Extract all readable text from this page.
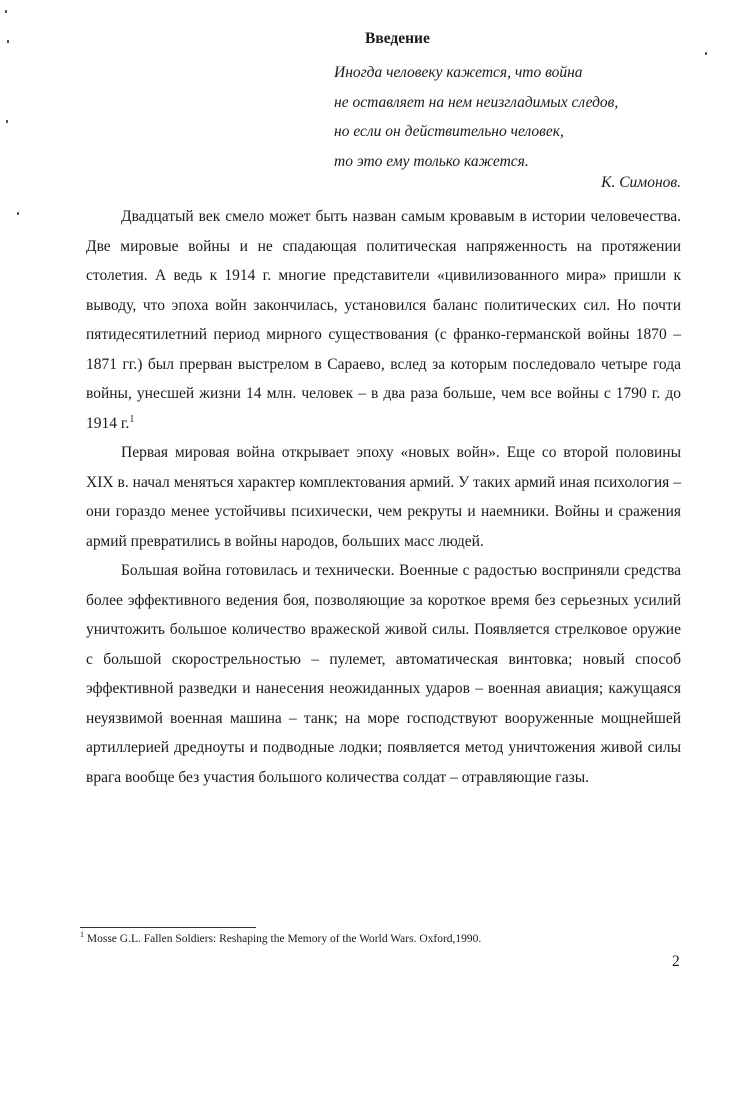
Введение
Иногда человеку кажется, что война
не оставляет на нем неизгладимых следов,
но если он действительно человек,
то это ему только кажется.
К. Симонов.

Двадцатый век смело может быть назван самым кровавым в истории человечества. Две мировые войны и не спадающая политическая напряженность на протяжении столетия. А ведь к 1914 г. многие представители «цивилизованного мира» пришли к выводу, что эпоха войн закончилась, установился баланс политических сил. Но почти пятидесятилетний период мирного существования (с франко-германской войны 1870 – 1871 гг.) был прерван выстрелом в Сараево, вслед за которым последовало четыре года войны, унесшей жизни 14 млн. человек – в два раза больше, чем все войны с 1790 г. до 1914 г.$^1$

Первая мировая война открывает эпоху «новых войн». Еще со второй половины XIX в. начал меняться характер комплектования армий. У таких армий иная психология – они гораздо менее устойчивы психически, чем рекруты и наемники. Войны и сражения армий превратились в войны народов, больших масс людей.

Большая война готовилась и технически. Военные с радостью восприняли средства более эффективного ведения боя, позволяющие за короткое время без серьезных усилий уничтожить большое количество вражеской живой силы. Появляется стрелковое оружие с большой скорострельностью – пулемет, автоматическая винтовка; новый способ эффективной разведки и нанесения неожиданных ударов – военная авиация; кажущаяся неуязвимой военная машина – танк; на море господствуют вооруженные мощнейшей артиллерией дредноуты и подводные лодки; появляется метод уничтожения живой силы врага вообще без участия большого количества солдат – отравляющие газы.

$^1$ Mosse G.L. Fallen Soldiers: Reshaping the Memory of the World Wars. Oxford,1990.
2
